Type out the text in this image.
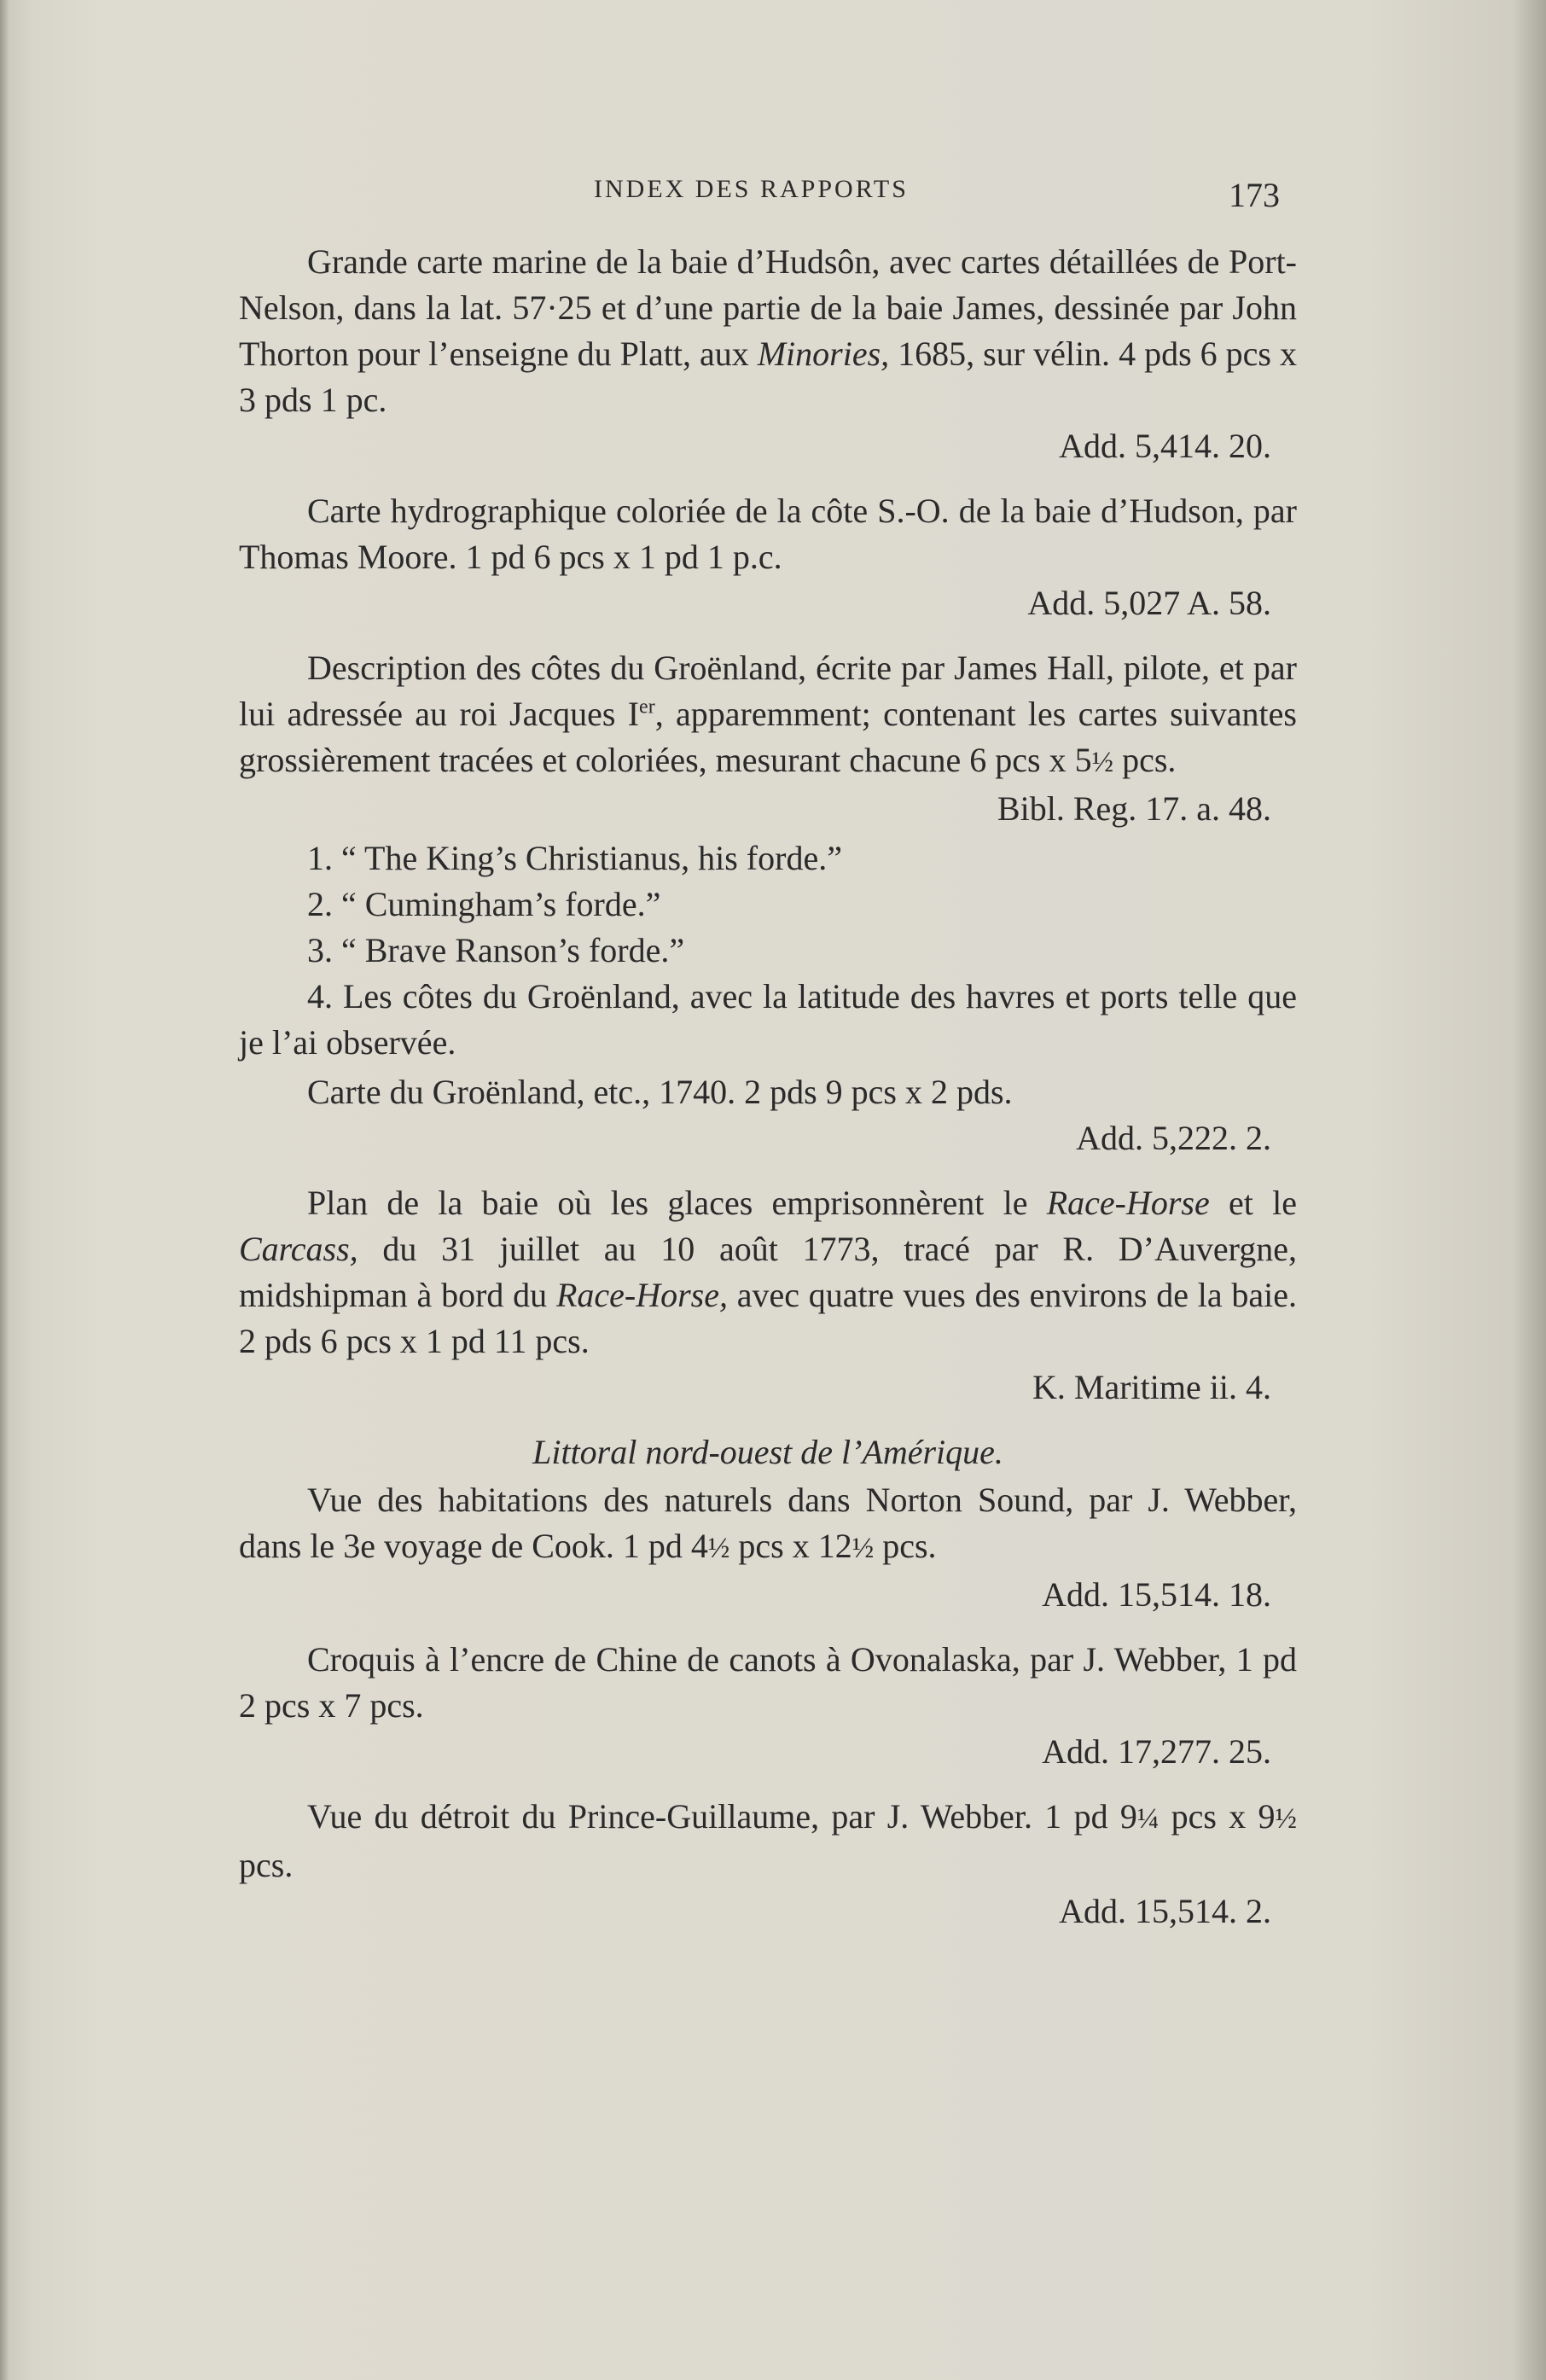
INDEX DES RAPPORTS	173

Grande carte marine de la baie d’Hudsôn, avec cartes détaillées de Port-Nelson, dans la lat. 57·25 et d’une partie de la baie James, dessinée par John Thorton pour l’enseigne du Platt, aux Minories, 1685, sur vélin. 4 pds 6 pcs x 3 pds 1 pc.

Add. 5,414. 20.

Carte hydrographique coloriée de la côte S.-O. de la baie d’Hudson, par Thomas Moore. 1 pd 6 pcs x 1 pd 1 p.c.

Add. 5,027 A. 58.

Description des côtes du Groënland, écrite par James Hall, pilote, et par lui adressée au roi Jacques Ier, apparemment; contenant les cartes suivantes grossièrement tracées et coloriées, mesurant chacune 6 pcs x 5½ pcs.

Bibl. Reg. 17. a. 48.

1. “ The King’s Christianus, his forde.”

2. “ Cumingham’s forde.”

3. “ Brave Ranson’s forde.”

4. Les côtes du Groënland, avec la latitude des havres et ports telle que je l’ai observée.

Carte du Groënland, etc., 1740. 2 pds 9 pcs x 2 pds.

Add. 5,222. 2.

Plan de la baie où les glaces emprisonnèrent le Race-Horse et le Carcass, du 31 juillet au 10 août 1773, tracé par R. D’Auvergne, midshipman à bord du Race-Horse, avec quatre vues des environs de la baie. 2 pds 6 pcs x 1 pd 11 pcs.

K. Maritime ii. 4.
Littoral nord-ouest de l’Amérique.

Vue des habitations des naturels dans Norton Sound, par J. Webber, dans le 3e voyage de Cook. 1 pd 4½ pcs x 12½ pcs.

Add. 15,514. 18.

Croquis à l’encre de Chine de canots à Ovonalaska, par J. Webber, 1 pd 2 pcs x 7 pcs.

Add. 17,277. 25.

Vue du détroit du Prince-Guillaume, par J. Webber. 1 pd 9¼ pcs x 9½ pcs.

Add. 15,514. 2.
